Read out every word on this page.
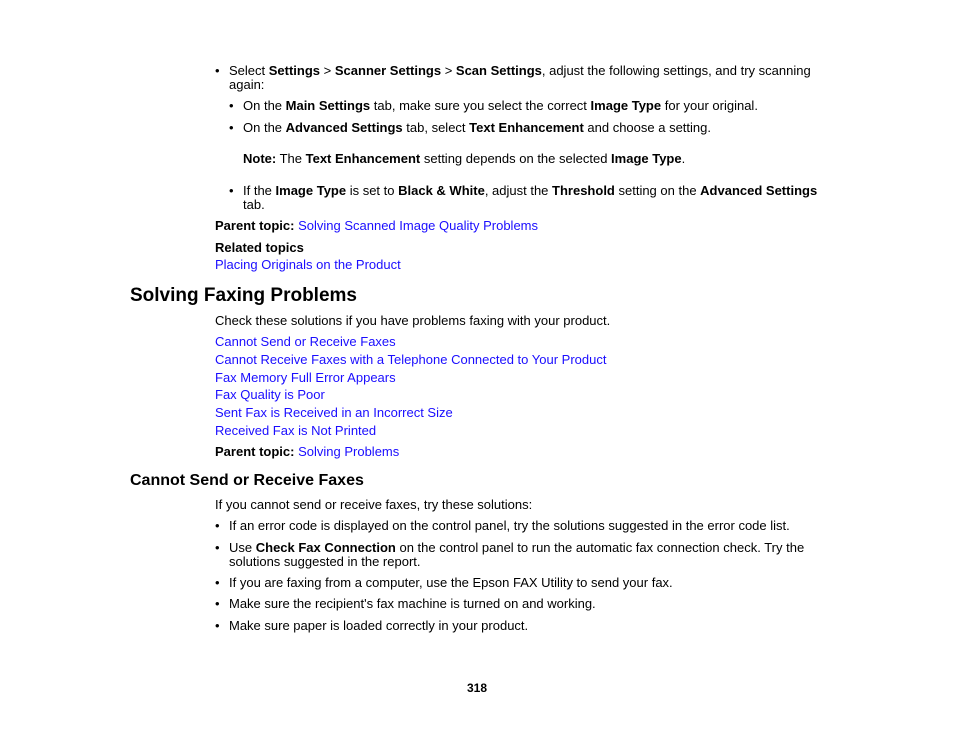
• Select Settings > Scanner Settings > Scan Settings, adjust the following settings, and try scanning
again:
• On the Main Settings tab, make sure you select the correct Image Type for your original.
• On the Advanced Settings tab, select Text Enhancement and choose a setting.
Note: The Text Enhancement setting depends on the selected Image Type.
• If the Image Type is set to Black & White, adjust the Threshold setting on the Advanced Settings
tab.
Parent topic: Solving Scanned Image Quality Problems
Related topics
Placing Originals on the Product
Solving Faxing Problems
Check these solutions if you have problems faxing with your product.
Cannot Send or Receive Faxes
Cannot Receive Faxes with a Telephone Connected to Your Product
Fax Memory Full Error Appears
Fax Quality is Poor
Sent Fax is Received in an Incorrect Size
Received Fax is Not Printed
Parent topic: Solving Problems
Cannot Send or Receive Faxes
If you cannot send or receive faxes, try these solutions:
• If an error code is displayed on the control panel, try the solutions suggested in the error code list.
• Use Check Fax Connection on the control panel to run the automatic fax connection check. Try the
solutions suggested in the report.
• If you are faxing from a computer, use the Epson FAX Utility to send your fax.
• Make sure the recipient's fax machine is turned on and working.
• Make sure paper is loaded correctly in your product.
318
